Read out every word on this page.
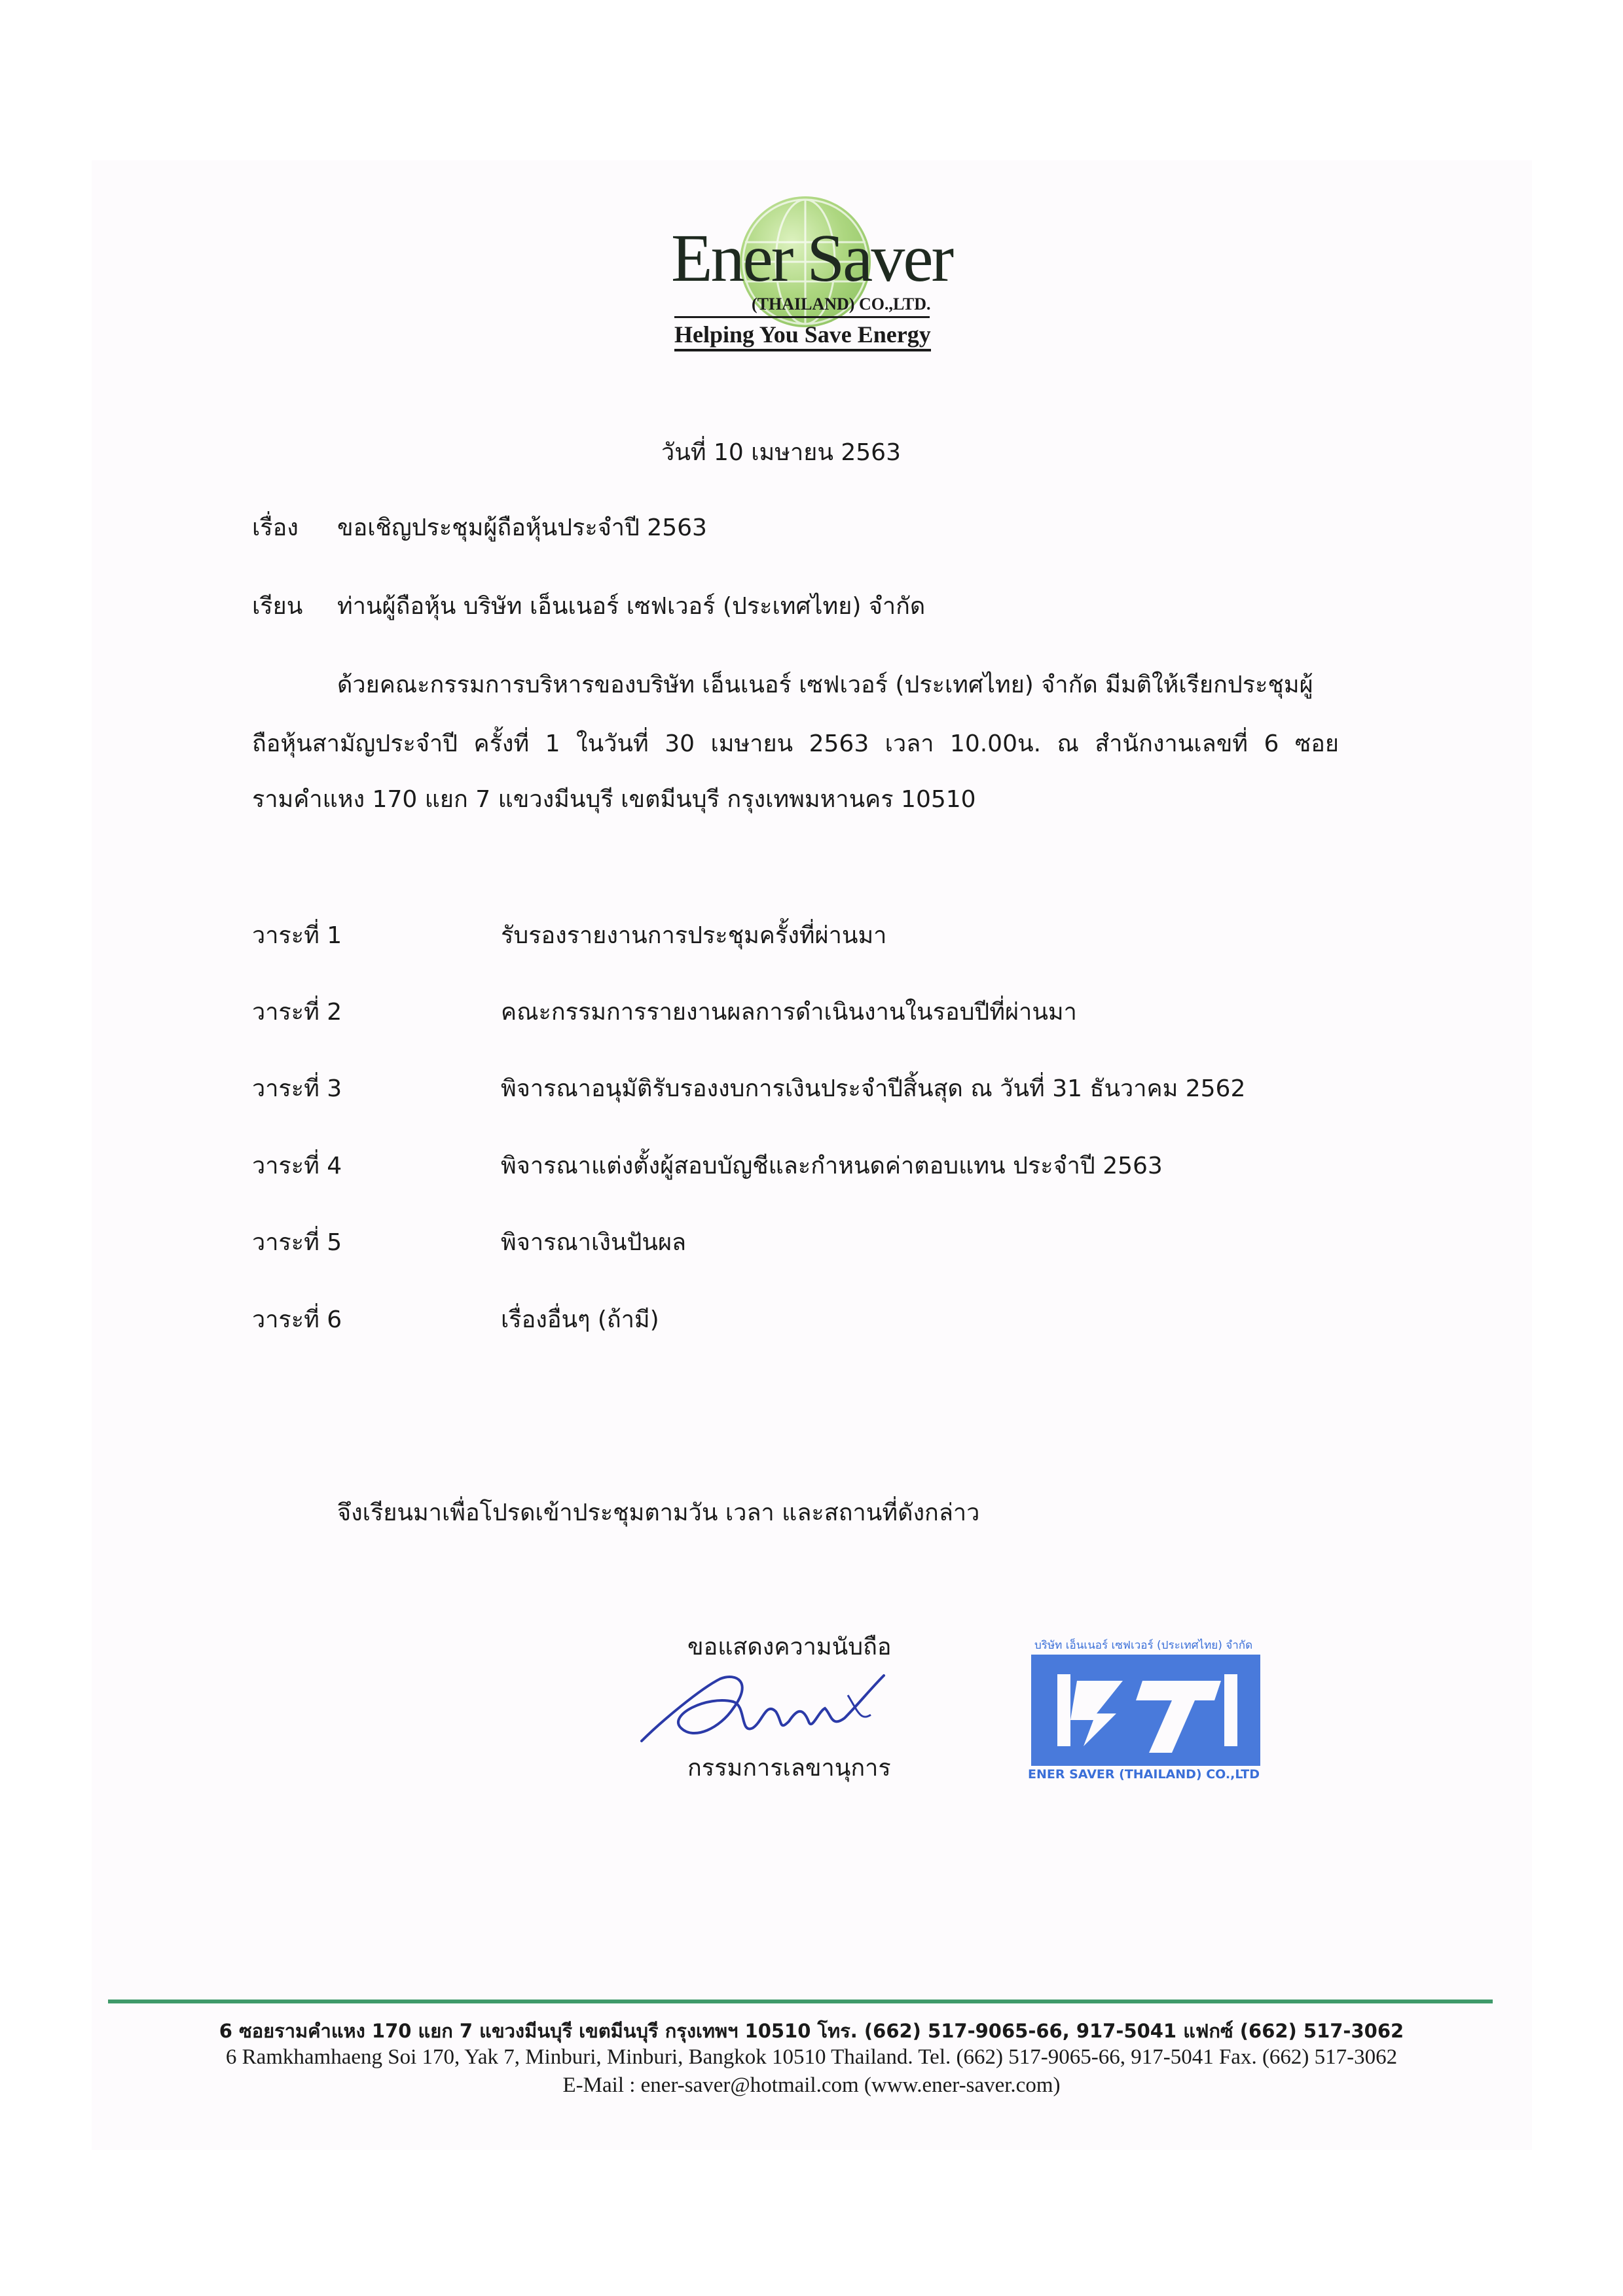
Ener Saver
(THAILAND) CO.,LTD.
Helping You Save Energy
วันที่ 10 เมษายน 2563
เรื่อง ขอเชิญประชุมผู้ถือหุ้นประจำปี 2563
เรียน ท่านผู้ถือหุ้น บริษัท เอ็นเนอร์ เซฟเวอร์ (ประเทศไทย) จำกัด
ด้วยคณะกรรมการบริหารของบริษัท เอ็นเนอร์ เซฟเวอร์ (ประเทศไทย) จำกัด มีมติให้เรียกประชุมผู้
ถือหุ้นสามัญประจำปี ครั้งที่ 1 ในวันที่ 30 เมษายน 2563 เวลา 10.00น. ณ สำนักงานเลขที่ 6 ซอย
รามคำแหง 170 แยก 7 แขวงมีนบุรี เขตมีนบุรี กรุงเทพมหานคร 10510
วาระที่ 1	รับรองรายงานการประชุมครั้งที่ผ่านมา
วาระที่ 2	คณะกรรมการรายงานผลการดำเนินงานในรอบปีที่ผ่านมา
วาระที่ 3	พิจารณาอนุมัติรับรองงบการเงินประจำปีสิ้นสุด ณ วันที่ 31 ธันวาคม 2562
วาระที่ 4	พิจารณาแต่งตั้งผู้สอบบัญชีและกำหนดค่าตอบแทน ประจำปี 2563
วาระที่ 5	พิจารณาเงินปันผล
วาระที่ 6	เรื่องอื่นๆ (ถ้ามี)
จึงเรียนมาเพื่อโปรดเข้าประชุมตามวัน เวลา และสถานที่ดังกล่าว
ขอแสดงความนับถือ
กรรมการเลขานุการ
บริษัท เอ็นเนอร์ เซฟเวอร์ (ประเทศไทย) จำกัด
ENER SAVER (THAILAND) CO.,LTD
6 ซอยรามคำแหง 170 แยก 7 แขวงมีนบุรี เขตมีนบุรี กรุงเทพฯ 10510 โทร. (662) 517-9065-66, 917-5041 แฟกซ์ (662) 517-3062
6 Ramkhamhaeng Soi 170, Yak 7, Minburi, Minburi, Bangkok 10510 Thailand. Tel. (662) 517-9065-66, 917-5041 Fax. (662) 517-3062
E-Mail : ener-saver@hotmail.com (www.ener-saver.com)
